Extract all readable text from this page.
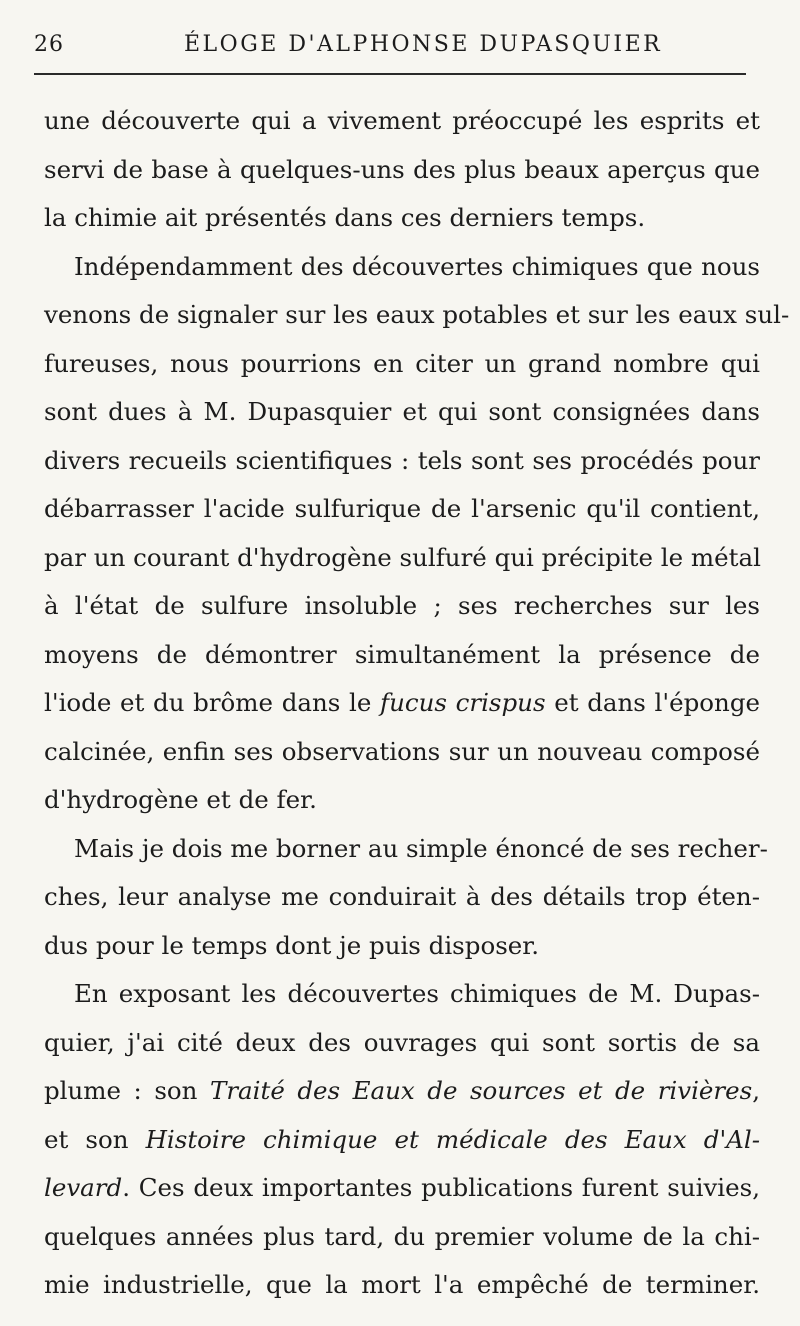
26	ÉLOGE D'ALPHONSE DUPASQUIER
une découverte qui a vivement préoccupé les esprits et
servi de base à quelques-uns des plus beaux aperçus que
la chimie ait présentés dans ces derniers temps.
Indépendamment des découvertes chimiques que nous
venons de signaler sur les eaux potables et sur les eaux sul-
fureuses, nous pourrions en citer un grand nombre qui
sont dues à M. Dupasquier et qui sont consignées dans
divers recueils scientifiques : tels sont ses procédés pour
débarrasser l'acide sulfurique de l'arsenic qu'il contient,
par un courant d'hydrogène sulfuré qui précipite le métal
à l'état de sulfure insoluble ; ses recherches sur les
moyens de démontrer simultanément la présence de
l'iode et du brôme dans le fucus crispus et dans l'éponge
calcinée, enfin ses observations sur un nouveau composé
d'hydrogène et de fer.
Mais je dois me borner au simple énoncé de ses recher-
ches, leur analyse me conduirait à des détails trop éten-
dus pour le temps dont je puis disposer.
En exposant les découvertes chimiques de M. Dupas-
quier, j'ai cité deux des ouvrages qui sont sortis de sa
plume : son Traité des Eaux de sources et de rivières,
et son Histoire chimique et médicale des Eaux d'Al-
levard. Ces deux importantes publications furent suivies,
quelques années plus tard, du premier volume de la chi-
mie industrielle, que la mort l'a empêché de terminer.
